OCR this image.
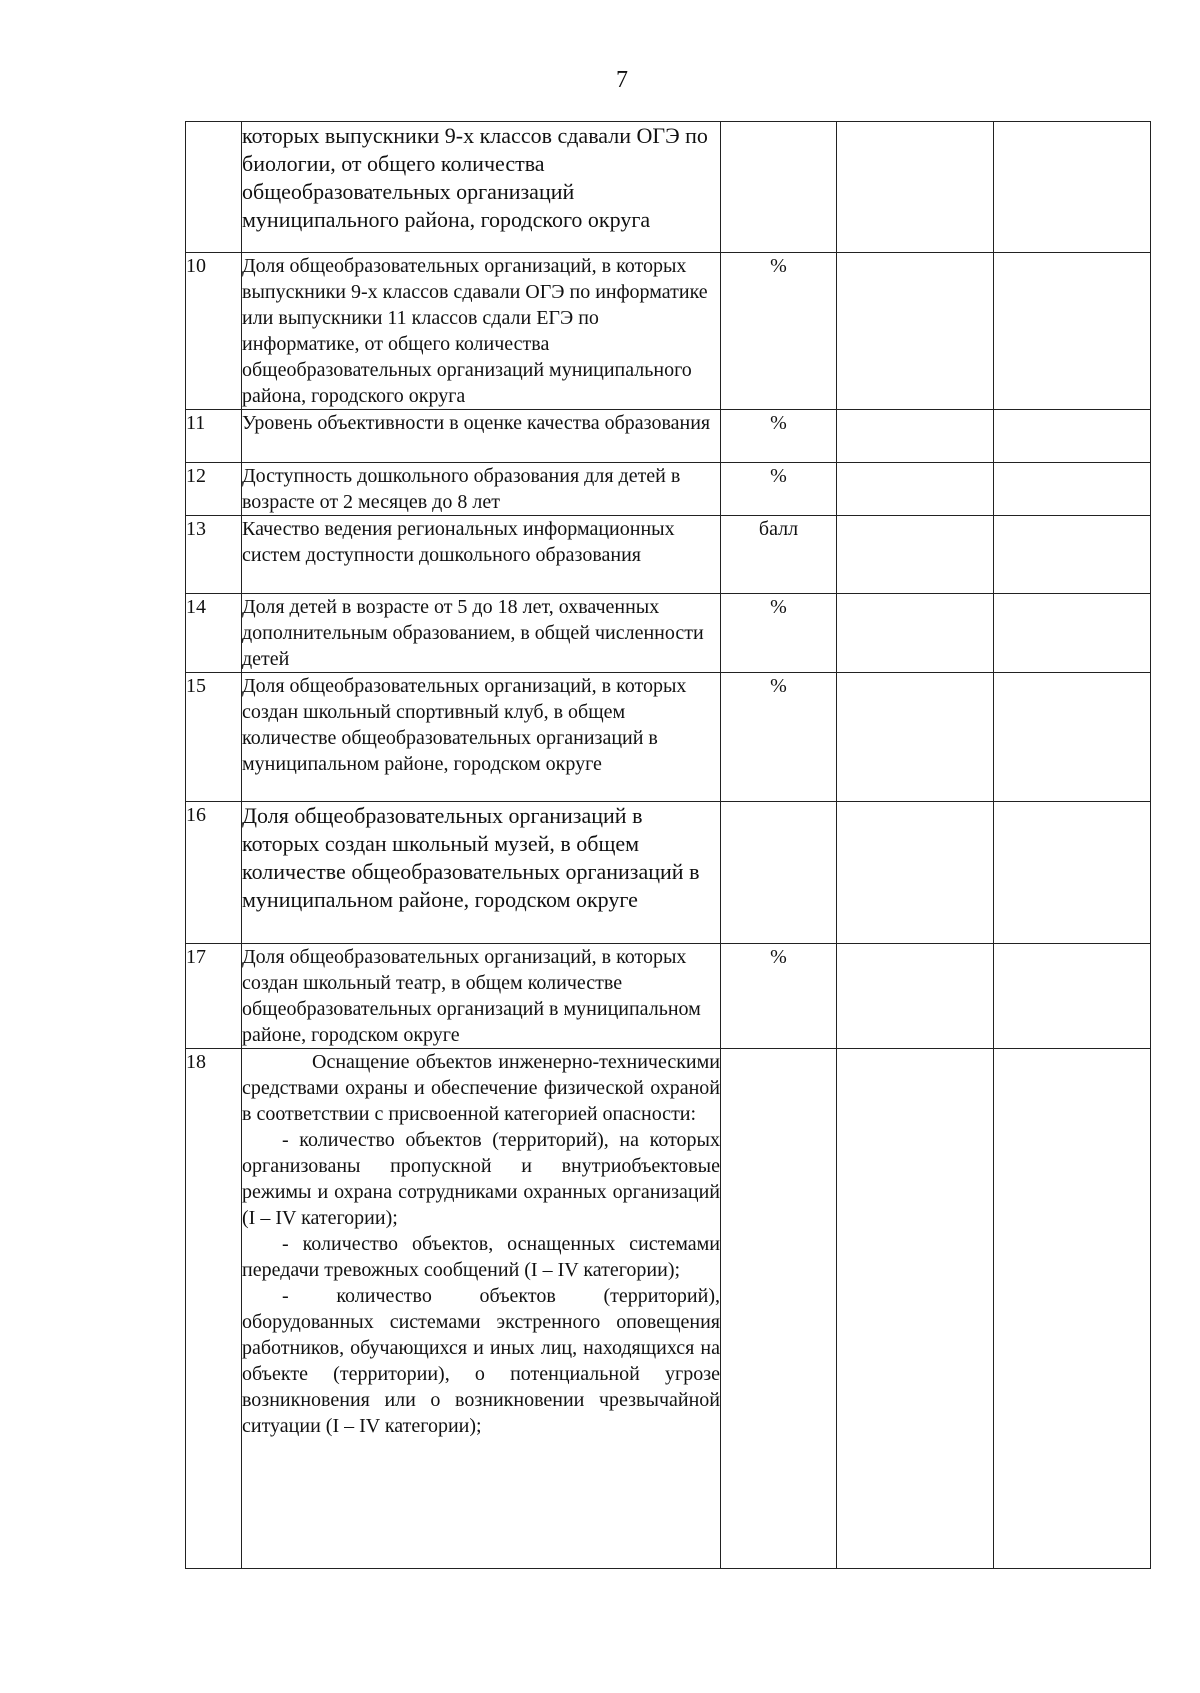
7
	которых выпускники 9-х классов сдавали ОГЭ по биологии, от общего количества общеобразовательных организаций муниципального района, городского округа			
10	Доля общеобразовательных организаций, в которых выпускники 9-х классов сдавали ОГЭ по информатике или выпускники 11 классов сдали ЕГЭ по информатике, от общего количества общеобразовательных организаций муниципального района, городского округа	%		
11	Уровень объективности в оценке качества образования	%		
12	Доступность дошкольного образования для детей в возрасте от 2 месяцев до 8 лет	%		
13	Качество ведения региональных информационных систем доступности дошкольного образования	балл		
14	Доля детей в возрасте от 5 до 18 лет, охваченных дополнительным образованием, в общей численности детей	%		
15	Доля общеобразовательных организаций, в которых создан школьный спортивный клуб, в общем количестве общеобразовательных организаций в муниципальном районе, городском округе	%		
16	Доля общеобразовательных организаций в которых создан школьный музей, в общем количестве общеобразовательных организаций в муниципальном районе, городском округе			
17	Доля общеобразовательных организаций, в которых создан школьный театр, в общем количестве общеобразовательных организаций в муниципальном районе, городском округе	%		
18	Оснащение объектов инженерно-техническими средствами охраны и обеспечение физической охраной в соответствии с присвоенной категорией опасности:

- количество объектов (территорий), на которых организованы пропускной и внутриобъектовые режимы и охрана сотрудниками охранных организаций (I – IV категории);

- количество объектов, оснащенных системами передачи тревожных сообщений (I – IV категории);

- количество объектов (территорий), оборудованных системами экстренного оповещения работников, обучающихся и иных лиц, находящихся на объекте (территории), о потенциальной угрозе возникновения или о возникновении чрезвычайной ситуации (I – IV категории);			
